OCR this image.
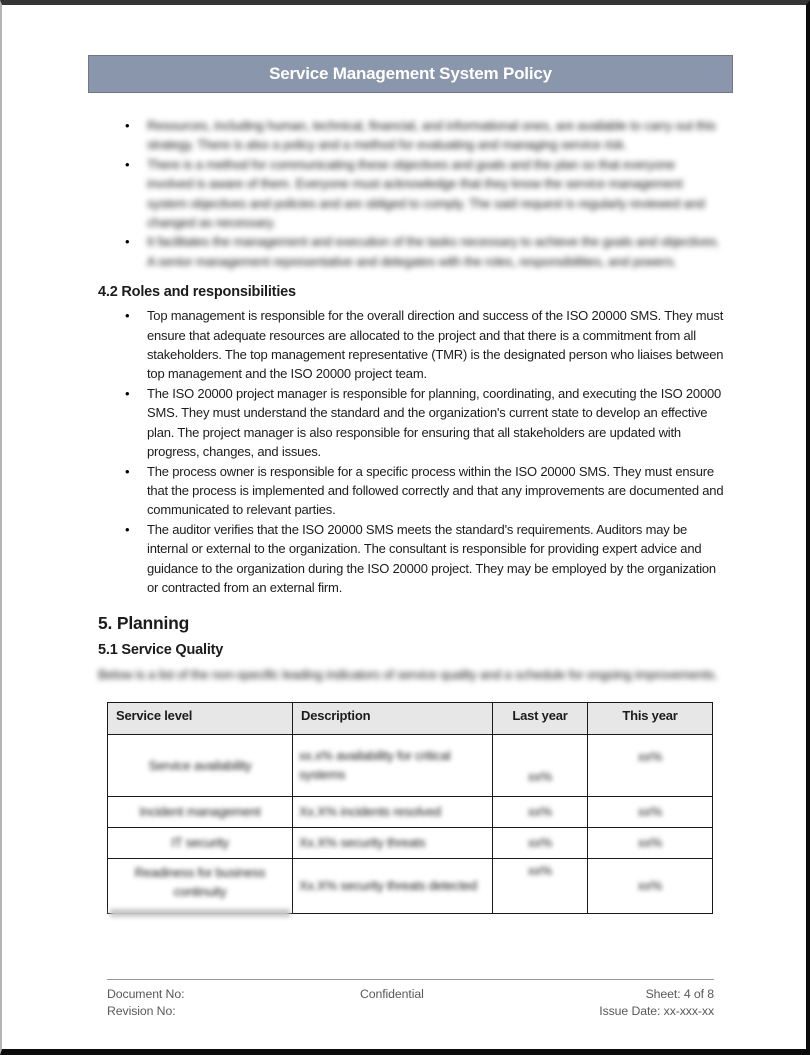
Service Management System Policy
• Resources, including human, technical, financial, and informational ones, are available to carry out this strategy. There is also a policy and a method for evaluating and managing service risk.
• There is a method for communicating these objectives and goals and the plan so that everyone involved is aware of them. Everyone must acknowledge that they know the service management system objectives and policies and are obliged to comply. The said request is regularly reviewed and changed as necessary.
• It facilitates the management and execution of the tasks necessary to achieve the goals and objectives. A senior management representative and delegates with the roles, responsibilities, and powers.
4.2 Roles and responsibilities
• Top management is responsible for the overall direction and success of the ISO 20000 SMS. They must ensure that adequate resources are allocated to the project and that there is a commitment from all stakeholders. The top management representative (TMR) is the designated person who liaises between top management and the ISO 20000 project team.
• The ISO 20000 project manager is responsible for planning, coordinating, and executing the ISO 20000 SMS. They must understand the standard and the organization's current state to develop an effective plan. The project manager is also responsible for ensuring that all stakeholders are updated with progress, changes, and issues.
• The process owner is responsible for a specific process within the ISO 20000 SMS. They must ensure that the process is implemented and followed correctly and that any improvements are documented and communicated to relevant parties.
• The auditor verifies that the ISO 20000 SMS meets the standard's requirements. Auditors may be internal or external to the organization. The consultant is responsible for providing expert advice and guidance to the organization during the ISO 20000 project. They may be employed by the organization or contracted from an external firm.
5. Planning
5.1 Service Quality

Below is a list of the non-specific leading indicators of service quality and a schedule for ongoing improvements.

Service level	Description	Last year	This year
Service availability	xx.x% availability for critical systems	xx%	xx%
Incident management	Xx.X% incidents resolved	xx%	xx%
IT security	Xx.X% security threats	xx%	xx%
Readiness for business continuity	Xx.X% security threats detected	xx%	xx%
Document No:
Revision No:
Confidential	Sheet: 4 of 8
Issue Date: xx-xxx-xx
